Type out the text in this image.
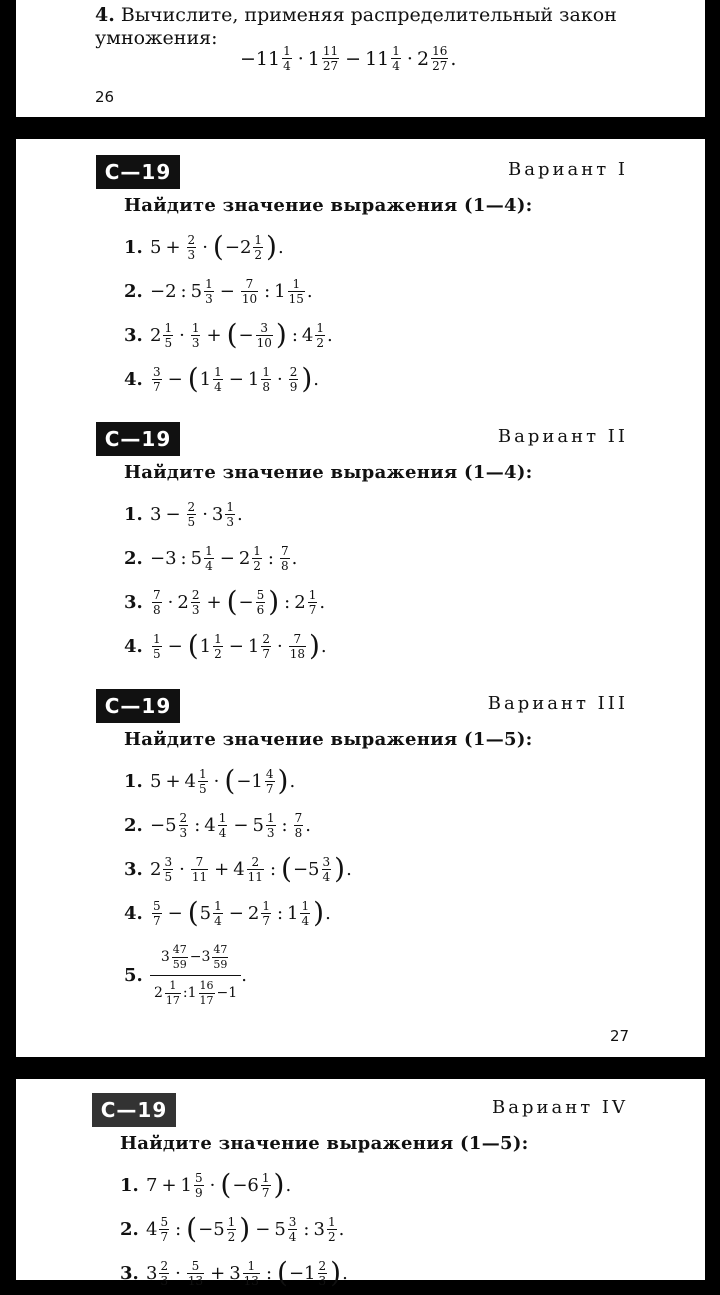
4. Вычислите, применяя распределительный закон умножения:
−11 1
4 · 1 11
$27 - 11 \frac{1}{4} \cdot 2$ 16
27 .
26
С—19	Вариант I
Найдите значение выражения (1—4):
1. $5 + \frac{2}{3}$ · ( −2 1
2 ) .
2. −2 : 5 1
$3 - \frac{7}{10}$ : 1 1
15 .
3. 2 1
5 · 1
3 + ( − 3
10 ) : 4 1
2 .
4. 3
7 − ( 1 1
$4 - 1 \frac{1}{8} \cdot 2$
9 ) .
С—19	Вариант II
Найдите значение выражения (1—4):
1. $3 - \frac{2}{5} \cdot 3$ 1
3 .
2. −3 : 5 1
$4 - 2 \frac{1}{2}$ : 7
8 .
3. 7
8 · 2 2
3 + ( − 5
6 ) : 2 1
7 .
4. 1
5 − ( 1 1
$2 - 1 \frac{2}{7} \cdot 7$
18 ) .
С—19	Вариант III
Найдите значение выражения (1—5):
1. $5 + 4 \frac{1}{5}$ · ( −1 4
7 ) .
2. −5 2
3 : 4 1
$4 - 5 \frac{1}{3}$ : 7
8 .
3. 2 3
5 · 7
$11 + 4 \frac{2}{11}$ : ( −5 3
4 ) .
4. 5
7 − ( 5 1
$4 - 2 \frac{1}{7}$ : 1 1
4 ) .
5.
3 47
59 −3 47
59
2 1
17 :1 16
17 −1
.
27
С—19	Вариант IV
Найдите значение выражения (1—5):
1. $7 + 1 \frac{5}{9}$ · ( −6 1
7 ) .
2. 4 5
7 : ( −5 1
2 ) − $5 \frac{3}{4}$ : 3 1
2 .
3. 3 2
3 · 5
$13 + 3 \frac{1}{13}$ : ( −1 2
3 ) .
